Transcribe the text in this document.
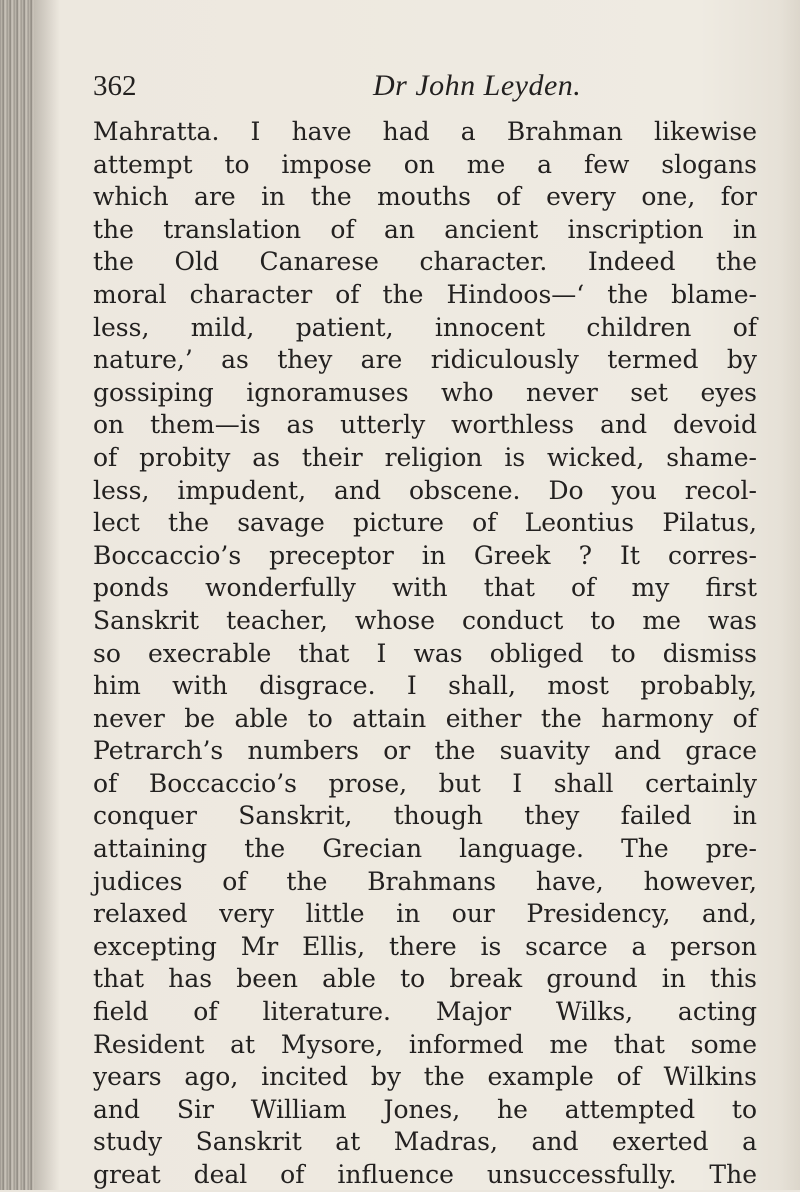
362	Dr John Leyden.
Mahratta. I have had a Brahman likewise
attempt to impose on me a few slogans
which are in the mouths of every one, for
the translation of an ancient inscription in
the Old Canarese character. Indeed the
moral character of the Hindoos—‘ the blame-
less, mild, patient, innocent children of
nature,’ as they are ridiculously termed by
gossiping ignoramuses who never set eyes
on them—is as utterly worthless and devoid
of probity as their religion is wicked, shame-
less, impudent, and obscene. Do you recol-
lect the savage picture of Leontius Pilatus,
Boccaccio’s preceptor in Greek ? It corres-
ponds wonderfully with that of my first
Sanskrit teacher, whose conduct to me was
so execrable that I was obliged to dismiss
him with disgrace. I shall, most probably,
never be able to attain either the harmony of
Petrarch’s numbers or the suavity and grace
of Boccaccio’s prose, but I shall certainly
conquer Sanskrit, though they failed in
attaining the Grecian language. The pre-
judices of the Brahmans have, however,
relaxed very little in our Presidency, and,
excepting Mr Ellis, there is scarce a person
that has been able to break ground in this
field of literature. Major Wilks, acting
Resident at Mysore, informed me that some
years ago, incited by the example of Wilkins
and Sir William Jones, he attempted to
study Sanskrit at Madras, and exerted a
great deal of influence unsuccessfully. The
